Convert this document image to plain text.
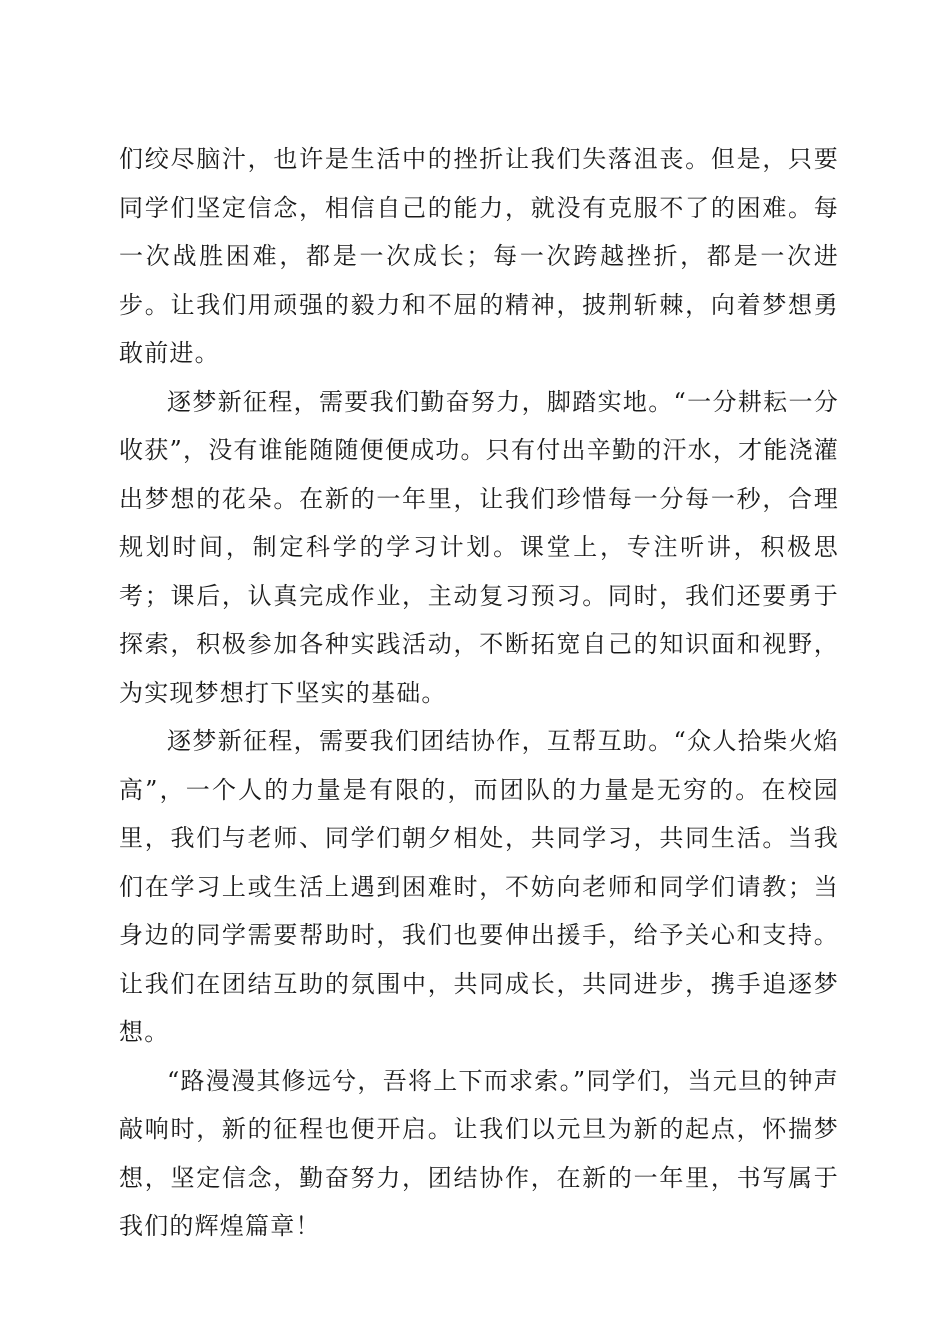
们绞尽脑汁，也许是生活中的挫折让我们失落沮丧。但是，只要同学们坚定信念，相信自己的能力，就没有克服不了的困难。每一次战胜困难，都是一次成长；每一次跨越挫折，都是一次进步。让我们用顽强的毅力和不屈的精神，披荆斩棘，向着梦想勇敢前进。

逐梦新征程，需要我们勤奋努力，脚踏实地。“一分耕耘一分收获”，没有谁能随随便便成功。只有付出辛勤的汗水，才能浇灌出梦想的花朵。在新的一年里，让我们珍惜每一分每一秒，合理规划时间，制定科学的学习计划。课堂上，专注听讲，积极思考；课后，认真完成作业，主动复习预习。同时，我们还要勇于探索，积极参加各种实践活动，不断拓宽自己的知识面和视野，为实现梦想打下坚实的基础。

逐梦新征程，需要我们团结协作，互帮互助。“众人拾柴火焰高”，一个人的力量是有限的，而团队的力量是无穷的。在校园里，我们与老师、同学们朝夕相处，共同学习，共同生活。当我们在学习上或生活上遇到困难时，不妨向老师和同学们请教；当身边的同学需要帮助时，我们也要伸出援手，给予关心和支持。让我们在团结互助的氛围中，共同成长，共同进步，携手追逐梦想。

“路漫漫其修远兮，吾将上下而求索。”同学们，当元旦的钟声敲响时，新的征程也便开启。让我们以元旦为新的起点，怀揣梦想，坚定信念，勤奋努力，团结协作，在新的一年里，书写属于我们的辉煌篇章！
